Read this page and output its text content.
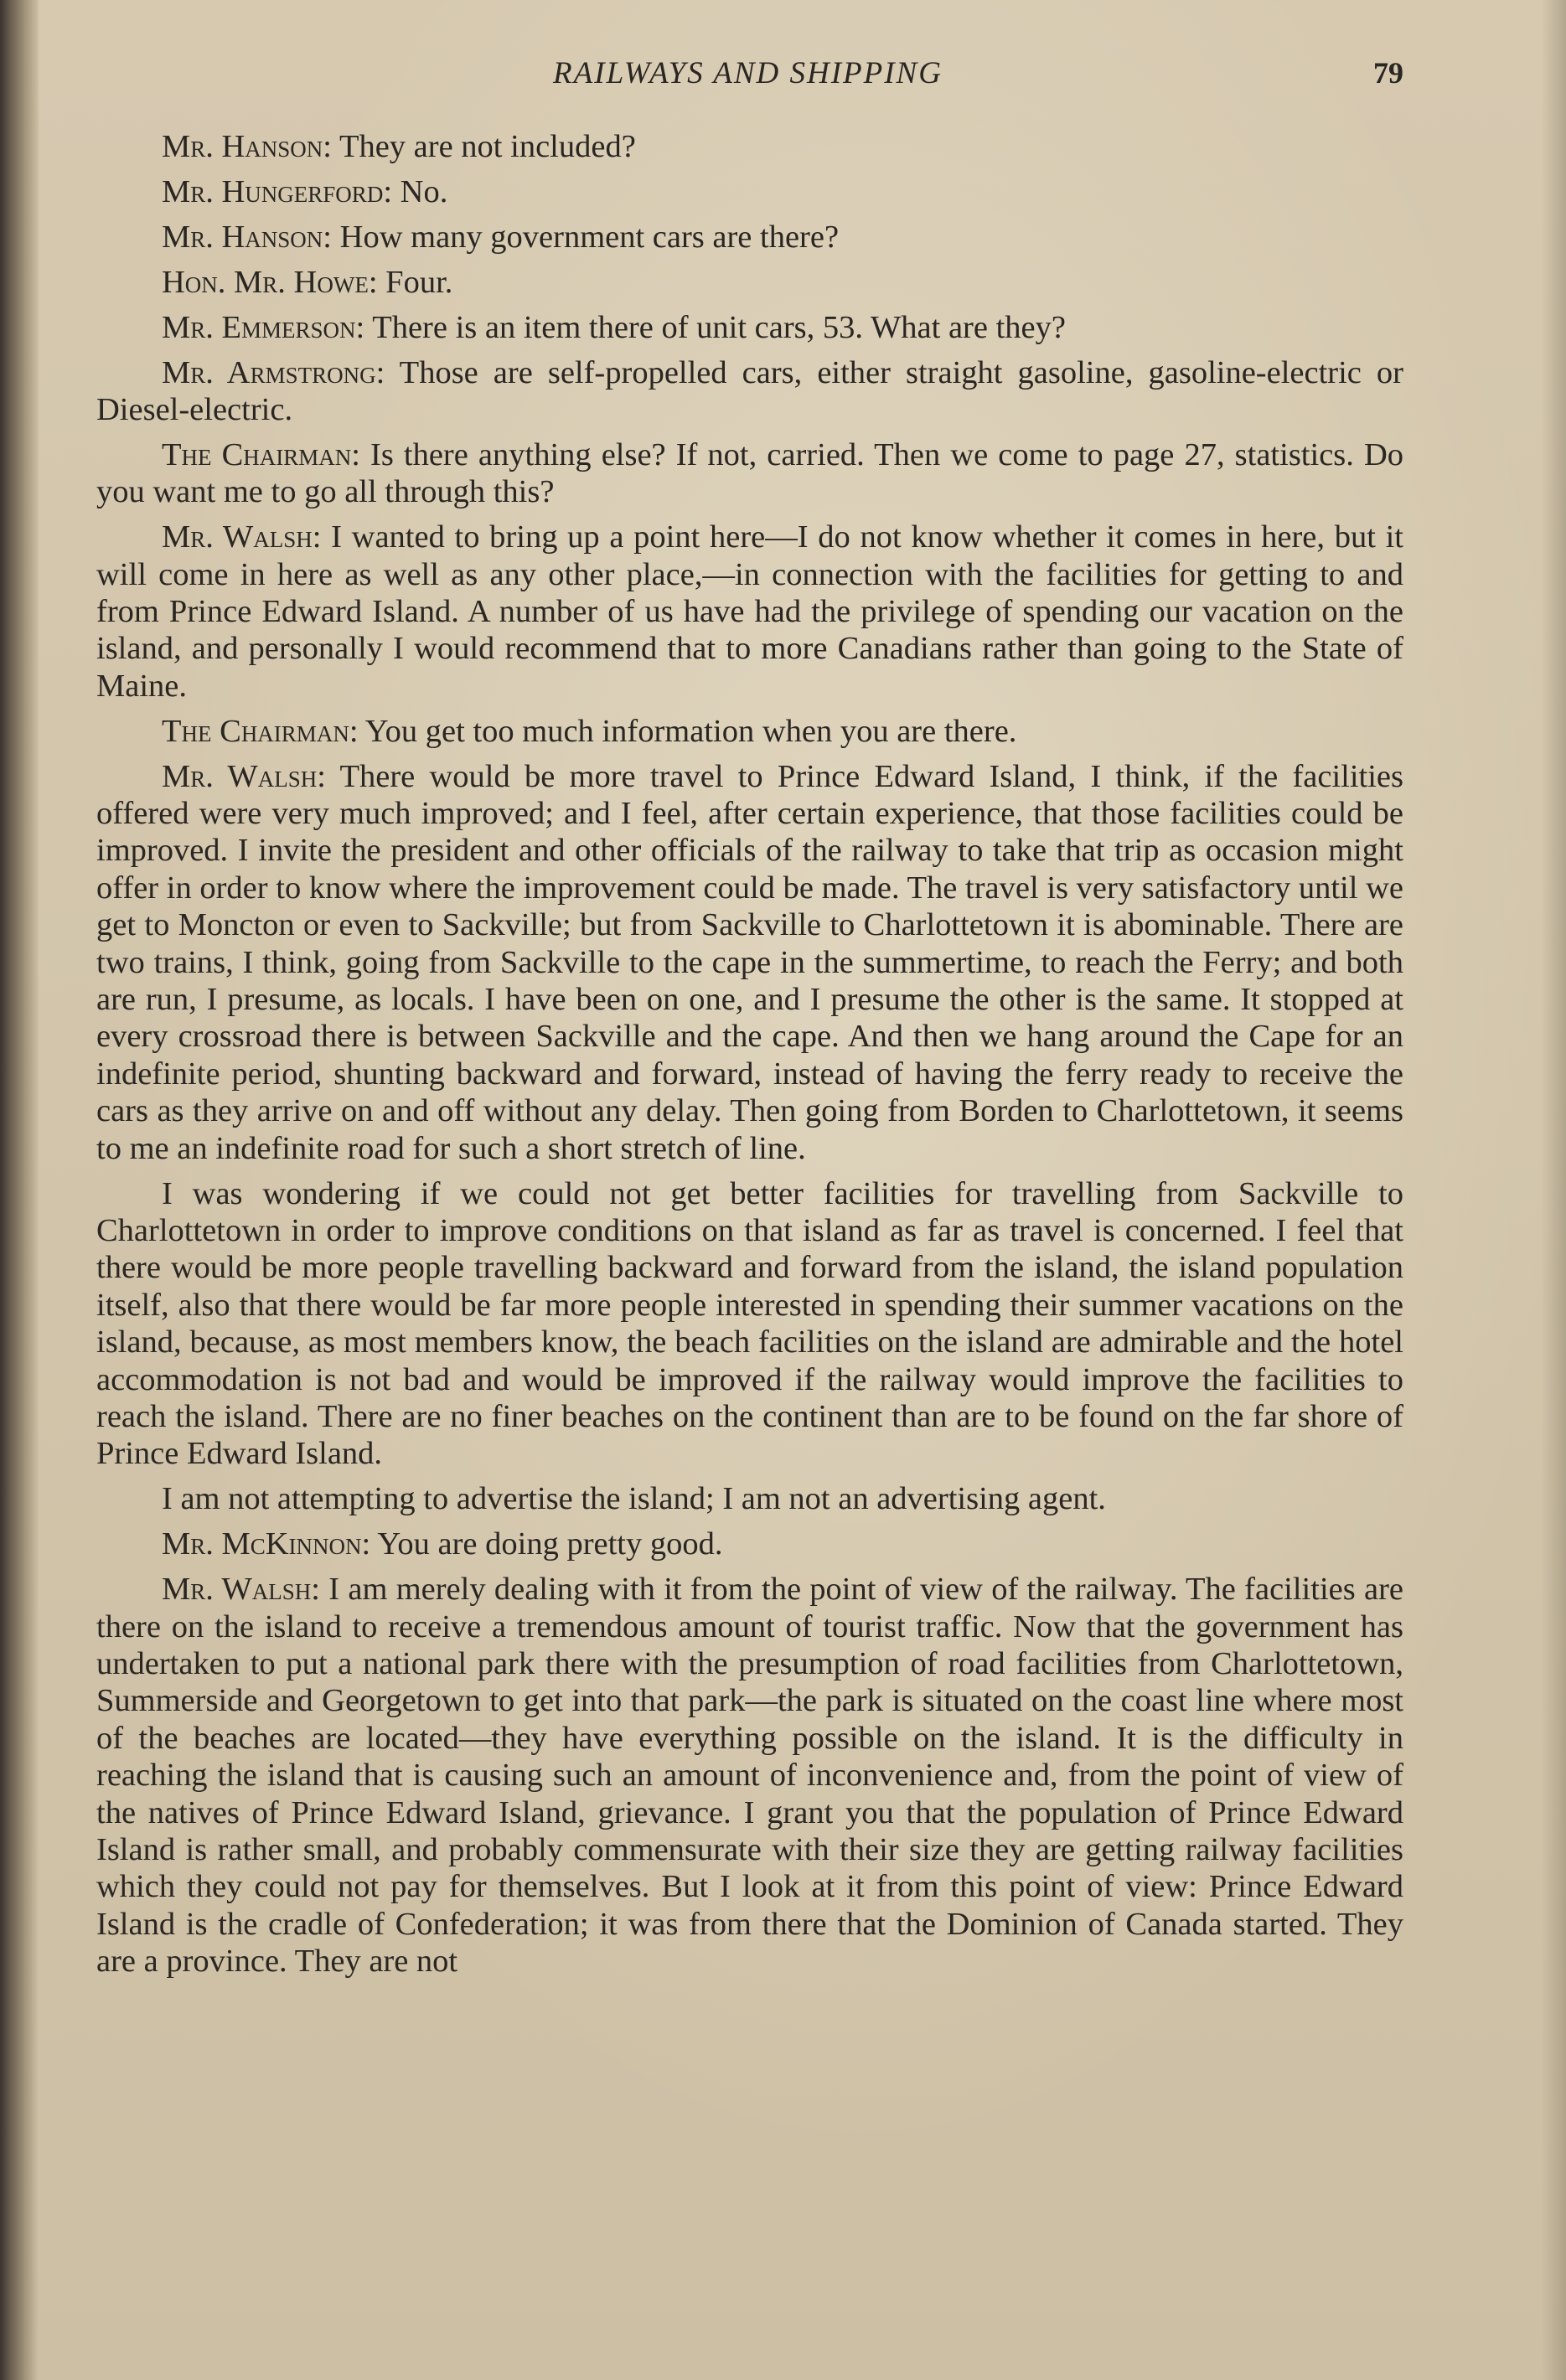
RAILWAYS AND SHIPPING	79

Mr. Hanson: They are not included?

Mr. Hungerford: No.

Mr. Hanson: How many government cars are there?

Hon. Mr. Howe: Four.

Mr. Emmerson: There is an item there of unit cars, 53. What are they?

Mr. Armstrong: Those are self-propelled cars, either straight gasoline, gasoline-electric or Diesel-electric.

The Chairman: Is there anything else? If not, carried. Then we come to page 27, statistics. Do you want me to go all through this?

Mr. Walsh: I wanted to bring up a point here—I do not know whether it comes in here, but it will come in here as well as any other place,—in connection with the facilities for getting to and from Prince Edward Island. A number of us have had the privilege of spending our vacation on the island, and personally I would recommend that to more Canadians rather than going to the State of Maine.

The Chairman: You get too much information when you are there.

Mr. Walsh: There would be more travel to Prince Edward Island, I think, if the facilities offered were very much improved; and I feel, after certain experience, that those facilities could be improved. I invite the president and other officials of the railway to take that trip as occasion might offer in order to know where the improvement could be made. The travel is very satisfactory until we get to Moncton or even to Sackville; but from Sackville to Charlottetown it is abominable. There are two trains, I think, going from Sackville to the cape in the summertime, to reach the Ferry; and both are run, I presume, as locals. I have been on one, and I presume the other is the same. It stopped at every crossroad there is between Sackville and the cape. And then we hang around the Cape for an indefinite period, shunting backward and forward, instead of having the ferry ready to receive the cars as they arrive on and off without any delay. Then going from Borden to Charlottetown, it seems to me an indefinite road for such a short stretch of line.

I was wondering if we could not get better facilities for travelling from Sackville to Charlottetown in order to improve conditions on that island as far as travel is concerned. I feel that there would be more people travelling backward and forward from the island, the island population itself, also that there would be far more people interested in spending their summer vacations on the island, because, as most members know, the beach facilities on the island are admirable and the hotel accommodation is not bad and would be improved if the railway would improve the facilities to reach the island. There are no finer beaches on the continent than are to be found on the far shore of Prince Edward Island.

I am not attempting to advertise the island; I am not an advertising agent.

Mr. McKinnon: You are doing pretty good.

Mr. Walsh: I am merely dealing with it from the point of view of the railway. The facilities are there on the island to receive a tremendous amount of tourist traffic. Now that the government has undertaken to put a national park there with the presumption of road facilities from Charlottetown, Summerside and Georgetown to get into that park—the park is situated on the coast line where most of the beaches are located—they have everything possible on the island. It is the difficulty in reaching the island that is causing such an amount of inconvenience and, from the point of view of the natives of Prince Edward Island, grievance. I grant you that the population of Prince Edward Island is rather small, and probably commensurate with their size they are getting railway facilities which they could not pay for themselves. But I look at it from this point of view: Prince Edward Island is the cradle of Confederation; it was from there that the Dominion of Canada started. They are a province. They are not
